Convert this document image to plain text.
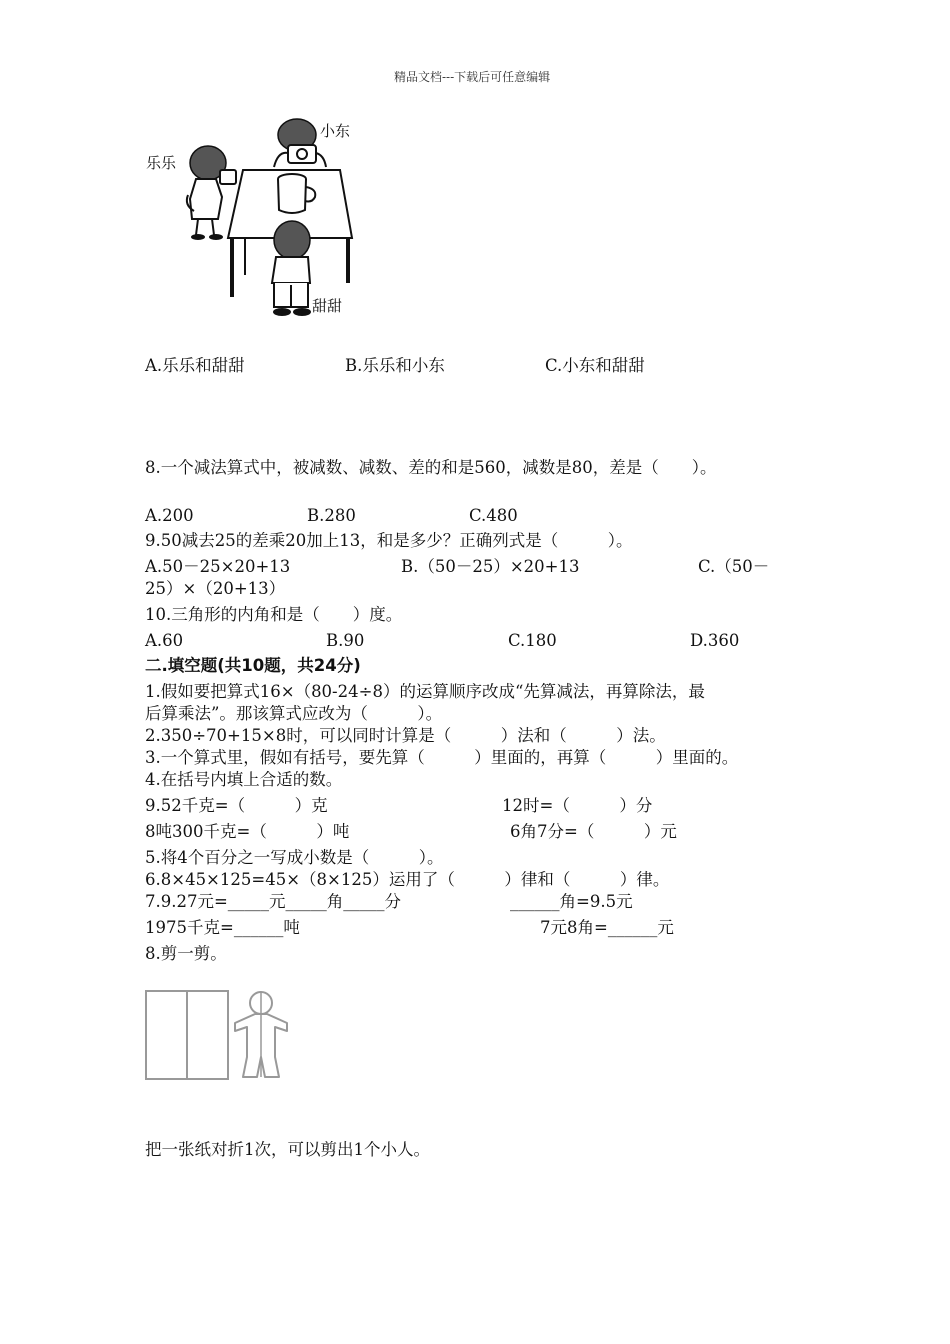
精品文档---下载后可任意编辑
小东
乐乐
甜甜
A.乐乐和甜甜	B.乐乐和小东	C.小东和甜甜
8.一个减法算式中，被减数、减数、差的和是560，减数是80，差是（　　）。
A.200	B.280	C.480
9.50减去25的差乘20加上13，和是多少？正确列式是（　　　）。
A.50－25×20+13	B.（50－25）×20+13	C.（50－
25）×（20+13）
10.三角形的内角和是（　　）度。
A.60	B.90	C.180	D.360
二.填空题(共10题，共24分)
1.假如要把算式16×（80-24÷8）的运算顺序改成“先算减法，再算除法，最
后算乘法”。那该算式应改为（　　　）。
2.350÷70+15×8时，可以同时计算是（　　　）法和（　　　）法。
3.一个算式里，假如有括号，要先算（　　　）里面的，再算（　　　）里面的。
4.在括号内填上合适的数。
9.52千克=（　　　）克	12时=（　　　）分
8吨300千克=（　　　）吨	6角7分=（　　　）元
5.将4个百分之一写成小数是（　　　）。
6.8×45×125=45×（8×125）运用了（　　　）律和（　　　）律。
7.9.27元=_____元_____角_____分	______角=9.5元
1975千克=______吨	7元8角=______元
8.剪一剪。
把一张纸对折1次，可以剪出1个小人。
